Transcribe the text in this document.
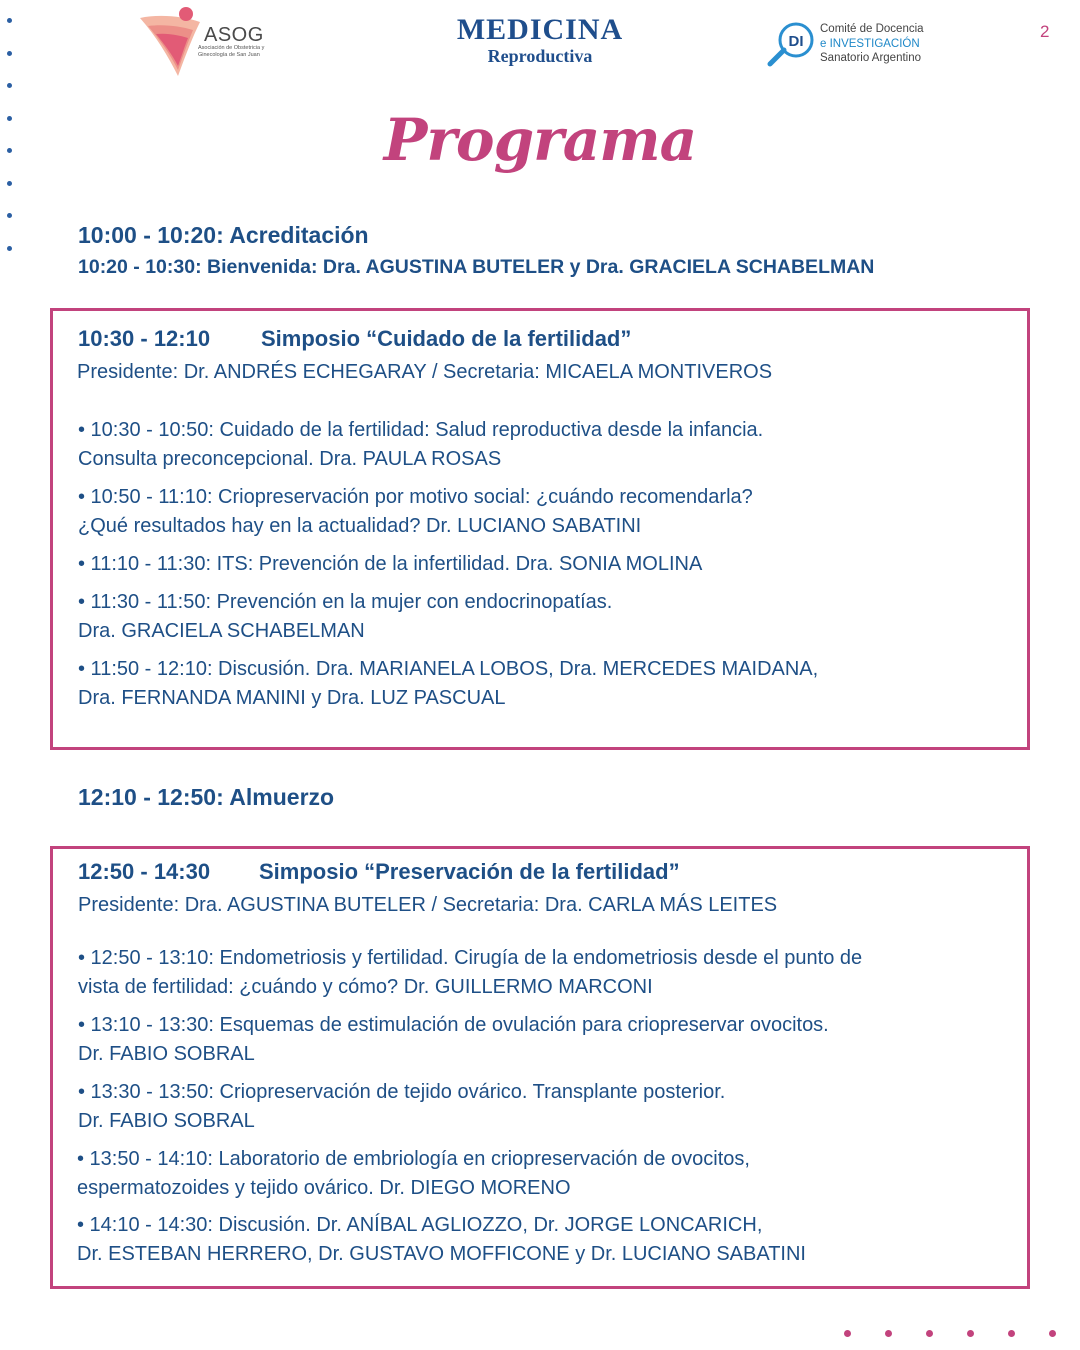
ASOG
Asociación de Obstetricia y Ginecología de San Juan
MEDICINA
Reproductiva
DI
Comité de Docencia
e INVESTIGACIÓN
Sanatorio Argentino
2
Programa
10:00 - 10:20: Acreditación
10:20 - 10:30: Bienvenida: Dra. AGUSTINA BUTELER y Dra. GRACIELA SCHABELMAN
10:30 - 12:10 Simposio “Cuidado de la fertilidad”
Presidente: Dr. ANDRÉS ECHEGARAY / Secretaria: MICAELA MONTIVEROS
• 10:30 - 10:50: Cuidado de la fertilidad: Salud reproductiva desde la infancia.
Consulta preconcepcional. Dra. PAULA ROSAS
• 10:50 - 11:10: Criopreservación por motivo social: ¿cuándo recomendarla?
¿Qué resultados hay en la actualidad? Dr. LUCIANO SABATINI
• 11:10 - 11:30: ITS: Prevención de la infertilidad. Dra. SONIA MOLINA
• 11:30 - 11:50: Prevención en la mujer con endocrinopatías.
Dra. GRACIELA SCHABELMAN
• 11:50 - 12:10: Discusión. Dra. MARIANELA LOBOS, Dra. MERCEDES MAIDANA,
Dra. FERNANDA MANINI y Dra. LUZ PASCUAL
12:10 - 12:50: Almuerzo
12:50 - 14:30 Simposio “Preservación de la fertilidad”
Presidente: Dra. AGUSTINA BUTELER / Secretaria: Dra. CARLA MÁS LEITES
• 12:50 - 13:10: Endometriosis y fertilidad. Cirugía de la endometriosis desde el punto de
vista de fertilidad: ¿cuándo y cómo? Dr. GUILLERMO MARCONI
• 13:10 - 13:30: Esquemas de estimulación de ovulación para criopreservar ovocitos.
Dr. FABIO SOBRAL
• 13:30 - 13:50: Criopreservación de tejido ovárico. Transplante posterior.
Dr. FABIO SOBRAL
• 13:50 - 14:10: Laboratorio de embriología en criopreservación de ovocitos,
espermatozoides y tejido ovárico. Dr. DIEGO MORENO
• 14:10 - 14:30: Discusión. Dr. ANÍBAL AGLIOZZO, Dr. JORGE LONCARICH,
Dr. ESTEBAN HERRERO, Dr. GUSTAVO MOFFICONE y Dr. LUCIANO SABATINI
